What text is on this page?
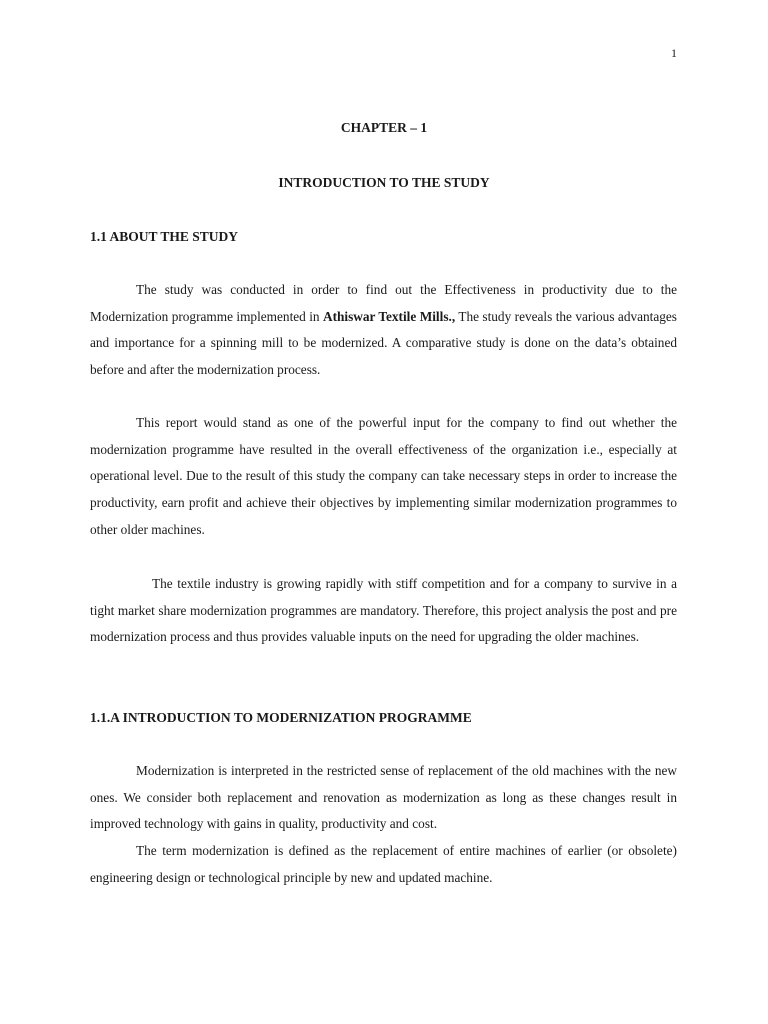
1
CHAPTER – 1
INTRODUCTION TO THE STUDY
1.1 ABOUT THE STUDY

The study was conducted in order to find out the Effectiveness in productivity due to the Modernization programme implemented in Athiswar Textile Mills., The study reveals the various advantages and importance for a spinning mill to be modernized. A comparative study is done on the data’s obtained before and after the modernization process.

This report would stand as one of the powerful input for the company to find out whether the modernization programme have resulted in the overall effectiveness of the organization i.e., especially at operational level. Due to the result of this study the company can take necessary steps in order to increase the productivity, earn profit and achieve their objectives by implementing similar modernization programmes to other older machines.

The textile industry is growing rapidly with stiff competition and for a company to survive in a tight market share modernization programmes are mandatory. Therefore, this project analysis the post and pre modernization process and thus provides valuable inputs on the need for upgrading the older machines.

1.1.A INTRODUCTION TO MODERNIZATION PROGRAMME

Modernization is interpreted in the restricted sense of replacement of the old machines with the new ones. We consider both replacement and renovation as modernization as long as these changes result in improved technology with gains in quality, productivity and cost.

The term modernization is defined as the replacement of entire machines of earlier (or obsolete) engineering design or technological principle by new and updated machine.
